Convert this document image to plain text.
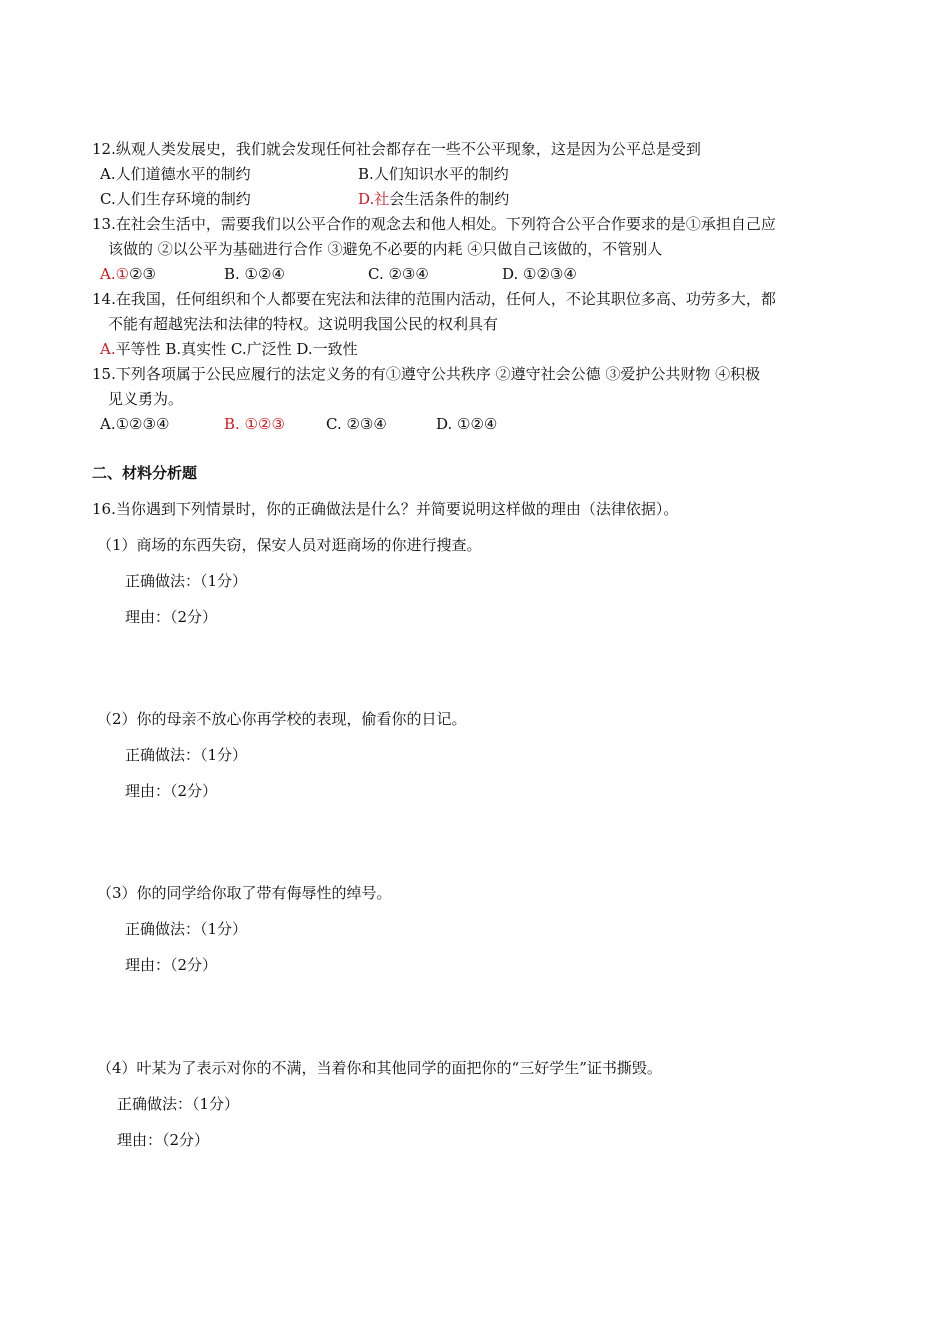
12.纵观人类发展史，我们就会发现任何社会都存在一些不公平现象，这是因为公平总是受到
A.人们道德水平的制约	B.人们知识水平的制约
C.人们生存环境的制约	D.社会生活条件的制约
13.在社会生活中，需要我们以公平合作的观念去和他人相处。下列符合公平合作要求的是①承担自己应
该做的 ②以公平为基础进行合作 ③避免不必要的内耗 ④只做自己该做的，不管别人
A.①②③	B. ①②④	C. ②③④	D. ①②③④
14.在我国，任何组织和个人都要在宪法和法律的范围内活动，任何人，不论其职位多高、功劳多大，都
不能有超越宪法和法律的特权。这说明我国公民的权利具有
A.平等性 B.真实性 C.广泛性 D.一致性
15.下列各项属于公民应履行的法定义务的有①遵守公共秩序 ②遵守社会公德 ③爱护公共财物 ④积极
见义勇为。
A.①②③④	B. ①②③	C. ②③④	D. ①②④
二、材料分析题
16.当你遇到下列情景时，你的正确做法是什么？并简要说明这样做的理由（法律依据）。
（1）商场的东西失窃，保安人员对逛商场的你进行搜查。
正确做法：（1分）
理由：（2分）
（2）你的母亲不放心你再学校的表现，偷看你的日记。
正确做法：（1分）
理由：（2分）
（3）你的同学给你取了带有侮辱性的绰号。
正确做法：（1分）
理由：（2分）
（4）叶某为了表示对你的不满，当着你和其他同学的面把你的“三好学生”证书撕毁。
正确做法：（1分）
理由：（2分）
